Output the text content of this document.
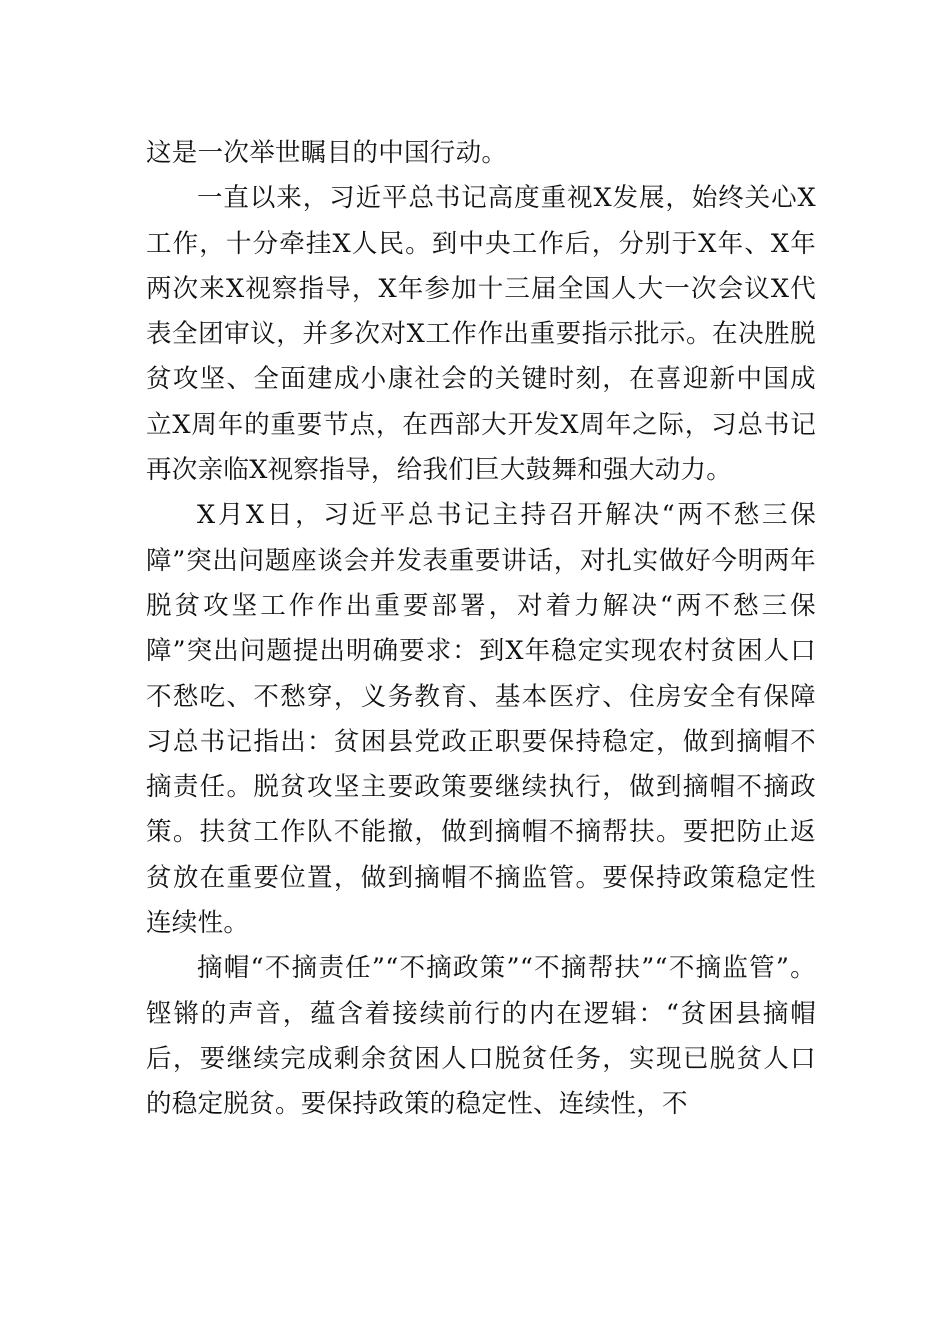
这是一次举世瞩目的中国行动。

一直以来，习近平总书记高度重视X发展，始终关心X工作，十分牵挂X人民。到中央工作后，分别于X年、X年两次来X视察指导，X年参加十三届全国人大一次会议X代表全团审议，并多次对X工作作出重要指示批示。在决胜脱贫攻坚、全面建成小康社会的关键时刻，在喜迎新中国成立X周年的重要节点，在西部大开发X周年之际，习总书记再次亲临X视察指导，给我们巨大鼓舞和强大动力。

X月X日，习近平总书记主持召开解决“两不愁三保障”突出问题座谈会并发表重要讲话，对扎实做好今明两年脱贫攻坚工作作出重要部署，对着力解决“两不愁三保障”突出问题提出明确要求：到X年稳定实现农村贫困人口不愁吃、不愁穿，义务教育、基本医疗、住房安全有保障习总书记指出：贫困县党政正职要保持稳定，做到摘帽不摘责任。脱贫攻坚主要政策要继续执行，做到摘帽不摘政策。扶贫工作队不能撤，做到摘帽不摘帮扶。要把防止返贫放在重要位置，做到摘帽不摘监管。要保持政策稳定性连续性。

摘帽“不摘责任”“不摘政策”“不摘帮扶”“不摘监管”。铿锵的声音，蕴含着接续前行的内在逻辑：“贫困县摘帽后，要继续完成剩余贫困人口脱贫任务，实现已脱贫人口的稳定脱贫。要保持政策的稳定性、连续性，不
